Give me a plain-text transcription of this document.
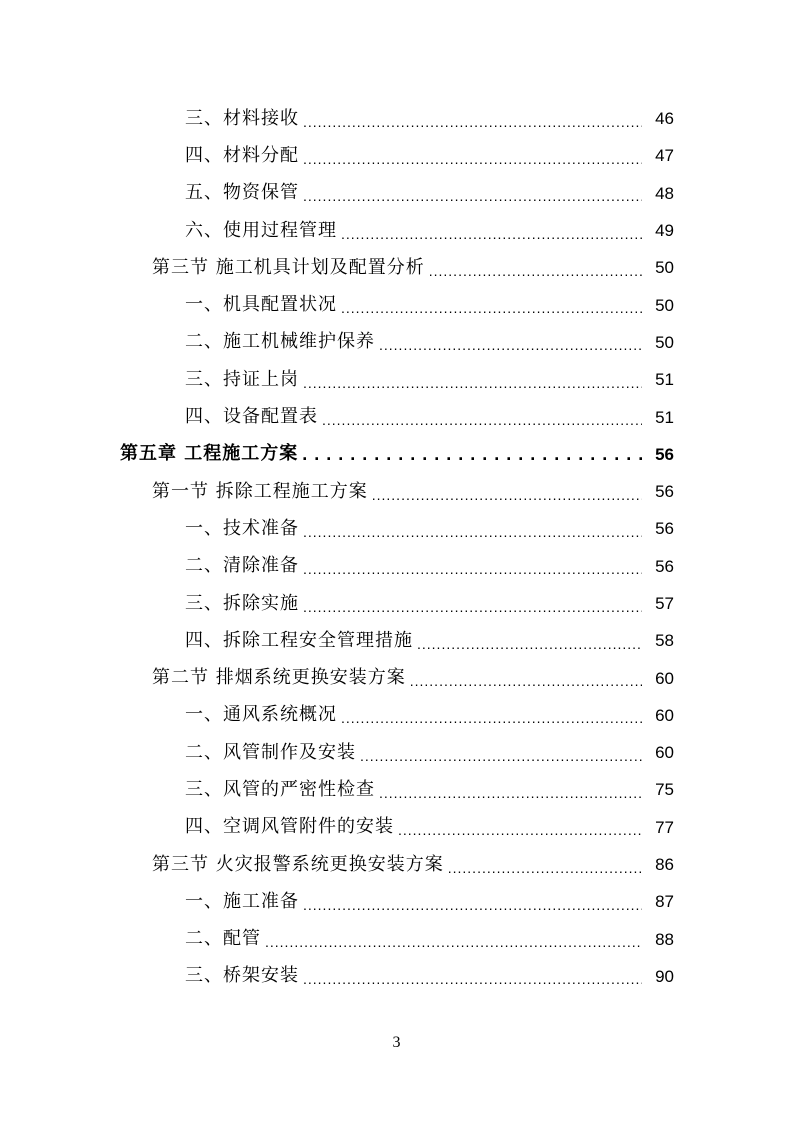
三、材料接收 .....	46
四、材料分配 .....	47
五、物资保管 .....	48
六、使用过程管理 .....	49
第三节 施工机具计划及配置分析 .....	50
一、机具配置状况 .....	50
二、施工机械维护保养 .....	50
三、持证上岗 .....	51
四、设备配置表 .....	51
第五章 工程施工方案 .....	56
第一节 拆除工程施工方案 .....	56
一、技术准备 .....	56
二、清除准备 .....	56
三、拆除实施 .....	57
四、拆除工程安全管理措施 .....	58
第二节 排烟系统更换安装方案 .....	60
一、通风系统概况 .....	60
二、风管制作及安装 .....	60
三、风管的严密性检查 .....	75
四、空调风管附件的安装 .....	77
第三节 火灾报警系统更换安装方案 .....	86
一、施工准备 .....	87
二、配管 .....	88
三、桥架安装 .....	90
3
